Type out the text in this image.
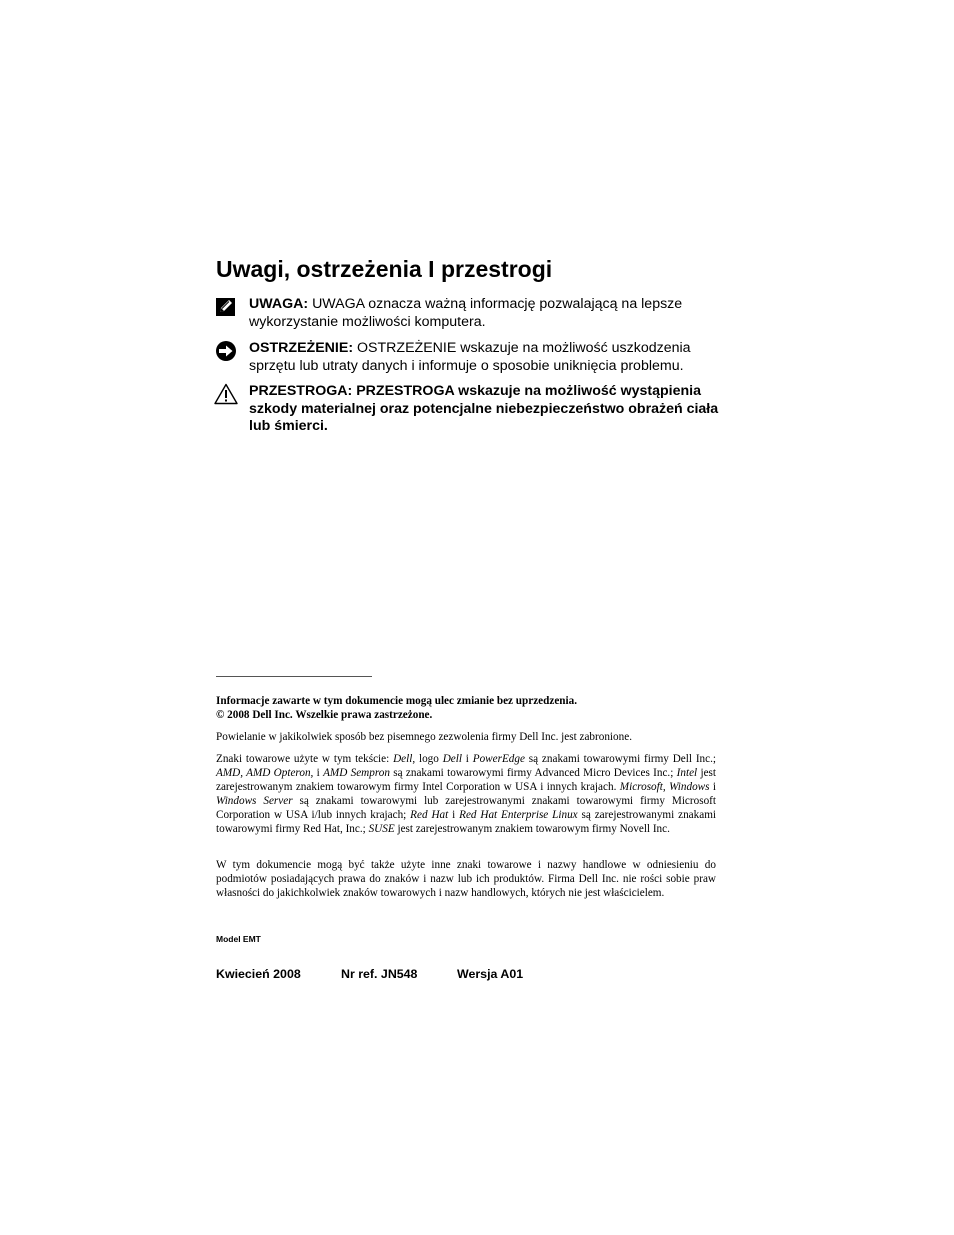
Uwagi, ostrzeżenia I przestrogi
UWAGA: UWAGA oznacza ważną informację pozwalającą na lepsze wykorzystanie możliwości komputera.
OSTRZEŻENIE: OSTRZEŻENIE wskazuje na możliwość uszkodzenia sprzętu lub utraty danych i informuje o sposobie uniknięcia problemu.
PRZESTROGA: PRZESTROGA wskazuje na możliwość wystąpienia szkody materialnej oraz potencjalne niebezpieczeństwo obrażeń ciała lub śmierci.

Informacje zawarte w tym dokumencie mogą ulec zmianie bez uprzedzenia.
© 2008 Dell Inc. Wszelkie prawa zastrzeżone.

Powielanie w jakikolwiek sposób bez pisemnego zezwolenia firmy Dell Inc. jest zabronione.

Znaki towarowe użyte w tym tekście: Dell, logo Dell i PowerEdge są znakami towarowymi firmy Dell Inc.; AMD, AMD Opteron, i AMD Sempron są znakami towarowymi firmy Advanced Micro Devices Inc.; Intel jest zarejestrowanym znakiem towarowym firmy Intel Corporation w USA i innych krajach. Microsoft, Windows i Windows Server są znakami towarowymi lub zarejestrowanymi znakami towarowymi firmy Microsoft Corporation w USA i/lub innych krajach; Red Hat i Red Hat Enterprise Linux są zarejestrowanymi znakami towarowymi firmy Red Hat, Inc.; SUSE jest zarejestrowanym znakiem towarowym firmy Novell Inc.

W tym dokumencie mogą być także użyte inne znaki towarowe i nazwy handlowe w odniesieniu do podmiotów posiadających prawa do znaków i nazw lub ich produktów. Firma Dell Inc. nie rości sobie praw własności do jakichkolwiek znaków towarowych i nazw handlowych, których nie jest właścicielem.

Model EMT
Kwiecień 2008	Nr ref. JN548	Wersja A01
